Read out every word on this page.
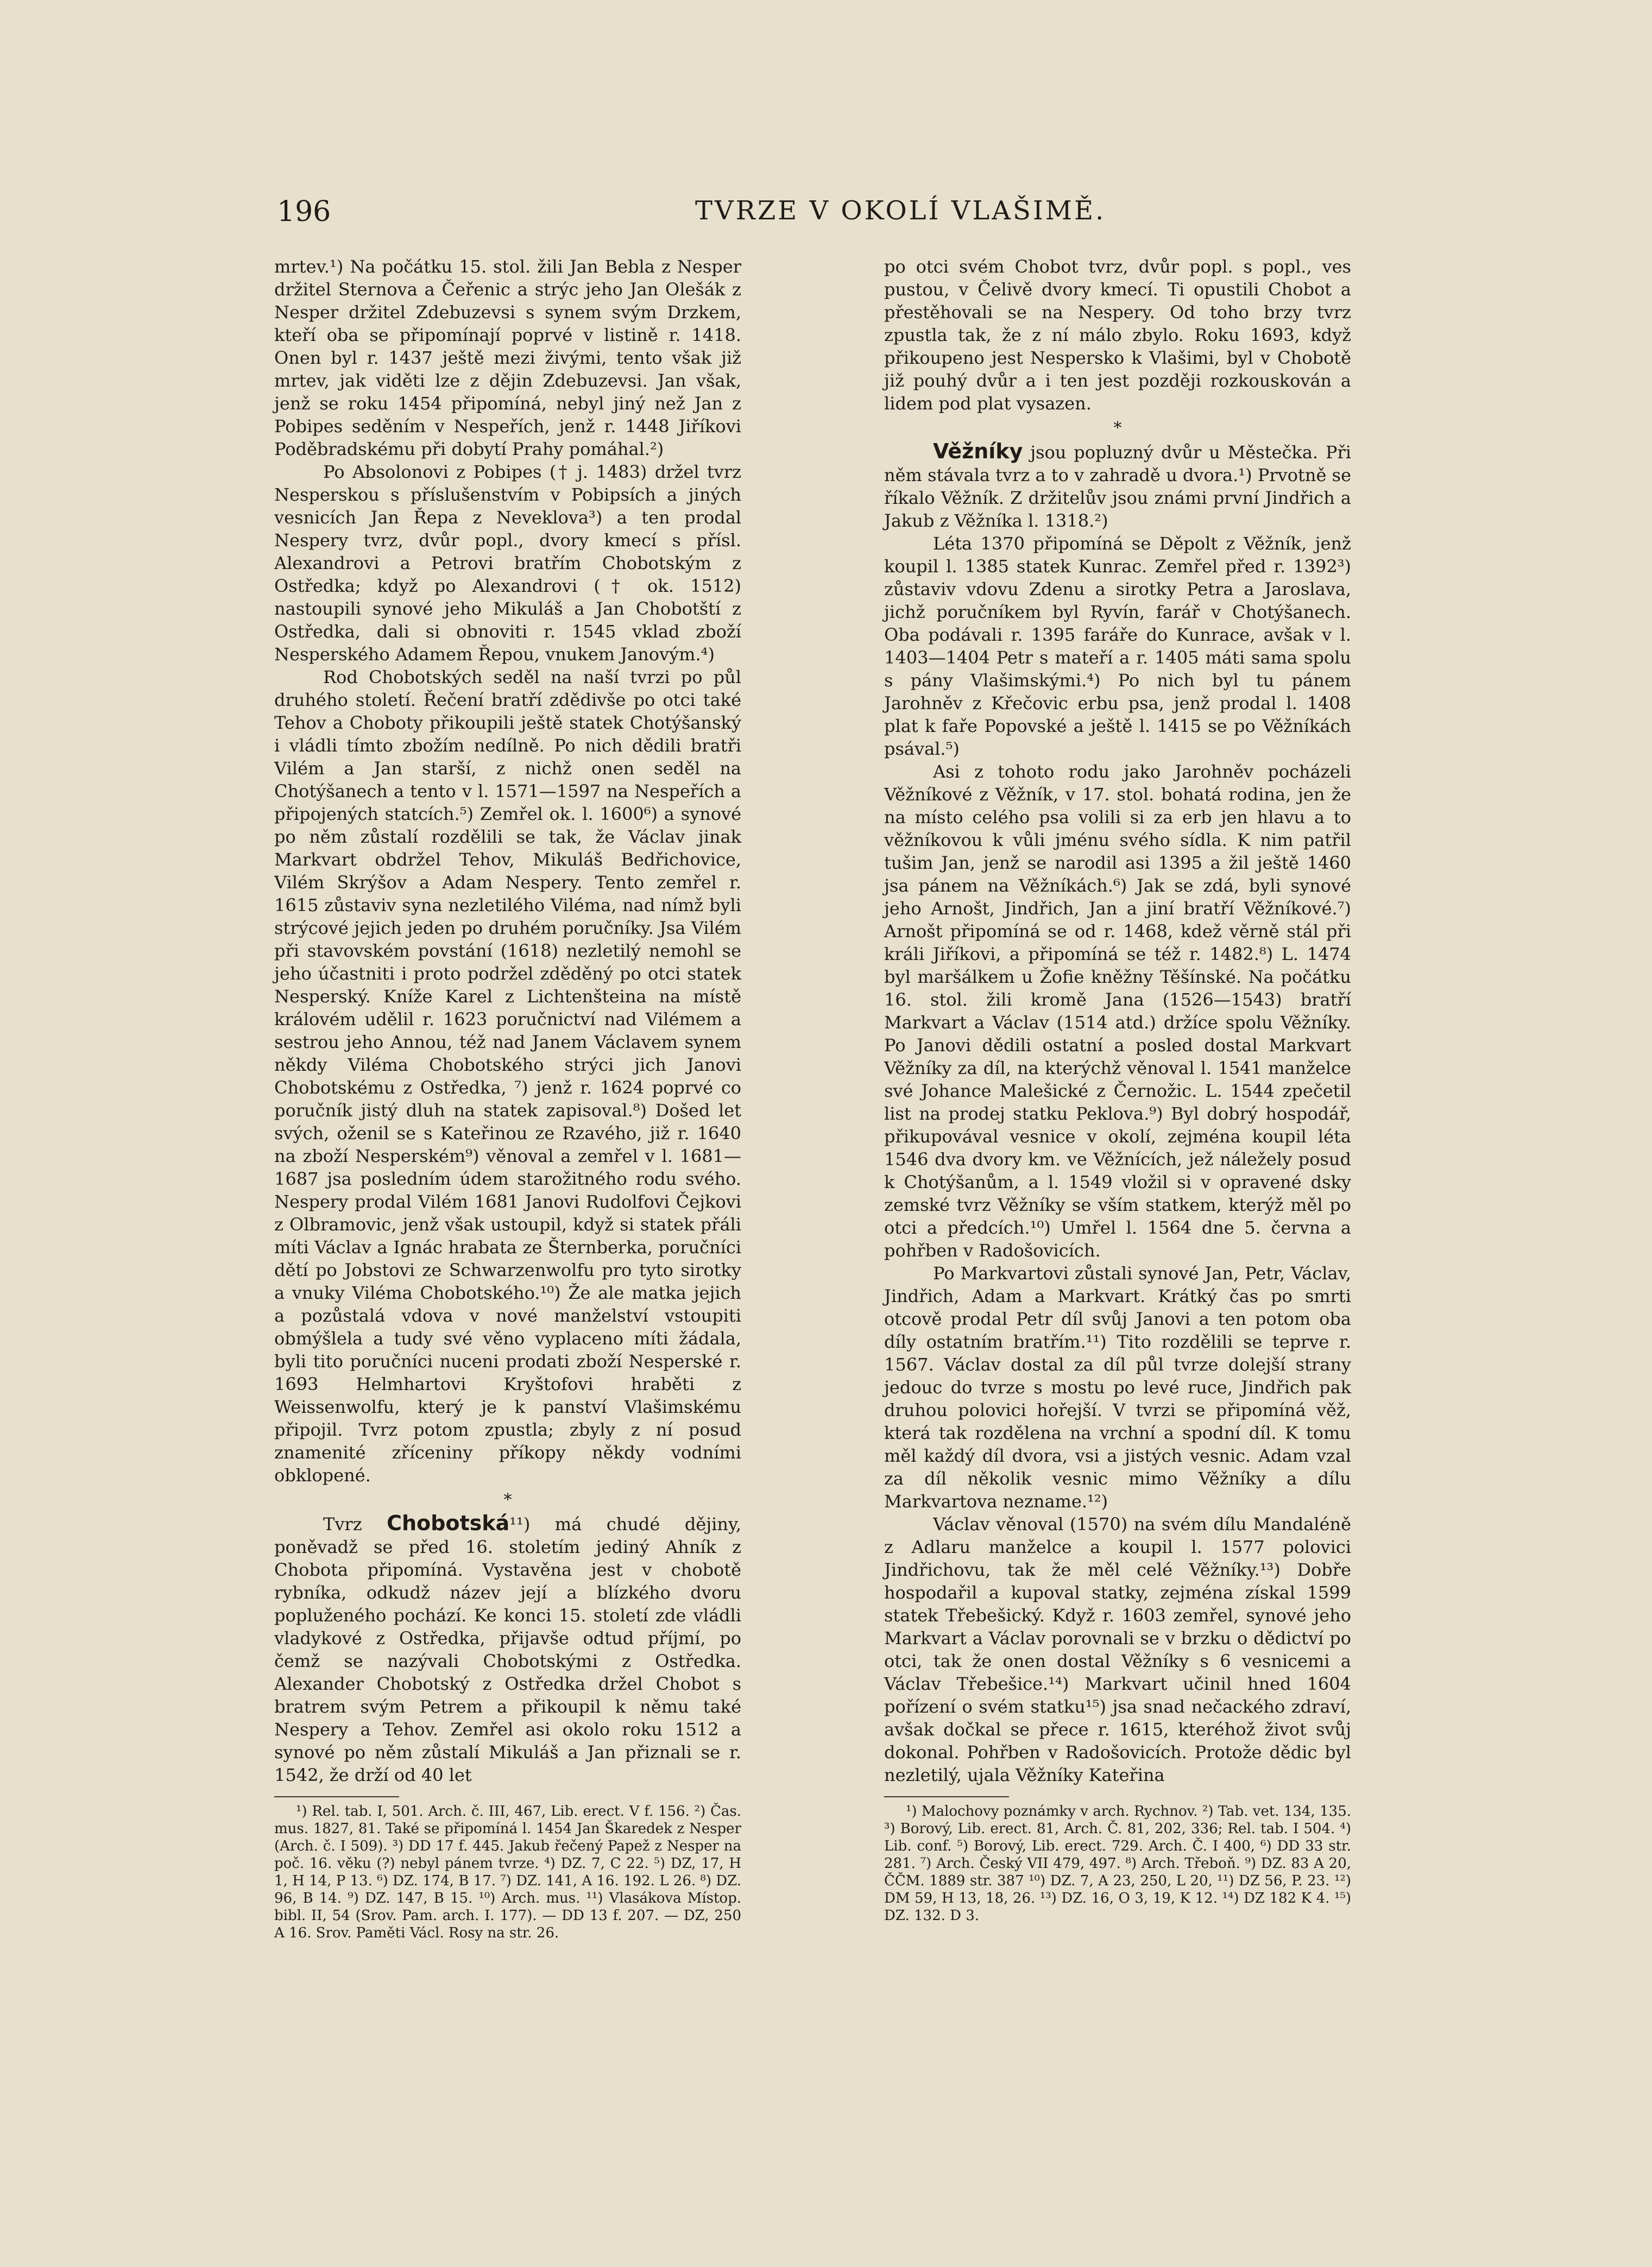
196	TVRZE V OKOLÍ VLAŠIMĚ.

mrtev.¹) Na počátku 15. stol. žili Jan Bebla z Nesper držitel Sternova a Čeřenic a strýc jeho Jan Olešák z Nesper držitel Zdebuzevsi s synem svým Drzkem, kteří oba se připomínají poprvé v listině r. 1418. Onen byl r. 1437 ještě mezi živými, tento však již mrtev, jak viděti lze z dějin Zdebuzevsi. Jan však, jenž se roku 1454 připomíná, nebyl jiný než Jan z Pobipes seděním v Nespeřích, jenž r. 1448 Jiříkovi Poděbradskému při dobytí Prahy pomáhal.²)

Po Absolonovi z Pobipes († j. 1483) držel tvrz Nesperskou s příslušenstvím v Pobipsích a jiných vesnicích Jan Řepa z Neveklova³) a ten prodal Nespery tvrz, dvůr popl., dvory kmecí s přísl. Alexandrovi a Petrovi bratřím Chobotským z Ostředka; když po Alexandrovi († ok. 1512) nastoupili synové jeho Mikuláš a Jan Chobotští z Ostředka, dali si obnoviti r. 1545 vklad zboží Nesperského Adamem Řepou, vnukem Janovým.⁴)

Rod Chobotských seděl na naší tvrzi po půl druhého století. Řečení bratří zdědivše po otci také Tehov a Choboty přikoupili ještě statek Chotýšanský i vládli tímto zbožím nedílně. Po nich dědili bratři Vilém a Jan starší, z nichž onen seděl na Chotýšanech a tento v l. 1571—1597 na Nespeřích a připojených statcích.⁵) Zemřel ok. l. 1600⁶) a synové po něm zůstalí rozdělili se tak, že Václav jinak Markvart obdržel Tehov, Mikuláš Bedřichovice, Vilém Skrýšov a Adam Nespery. Tento zemřel r. 1615 zůstaviv syna nezletilého Viléma, nad nímž byli strýcové jejich jeden po druhém poručníky. Jsa Vilém při stavovském povstání (1618) nezletilý nemohl se jeho účastniti i proto podržel zděděný po otci statek Nesperský. Kníže Karel z Lichtenšteina na místě královém udělil r. 1623 poručnictví nad Vilémem a sestrou jeho Annou, též nad Janem Václavem synem někdy Viléma Chobotského strýci jich Janovi Chobotskému z Ostředka, ⁷) jenž r. 1624 poprvé co poručník jistý dluh na statek zapisoval.⁸) Došed let svých, oženil se s Kateřinou ze Rzavého, již r. 1640 na zboží Nesperském⁹) věnoval a zemřel v l. 1681—1687 jsa posledním údem starožitného rodu svého. Nespery prodal Vilém 1681 Janovi Rudolfovi Čejkovi z Olbramovic, jenž však ustoupil, když si statek přáli míti Václav a Ignác hrabata ze Šternberka, poručníci dětí po Jobstovi ze Schwarzenwolfu pro tyto sirotky a vnuky Viléma Chobotského.¹⁰) Že ale matka jejich a pozůstalá vdova v nové manželství vstoupiti obmýšlela a tudy své věno vyplaceno míti žádala, byli tito poručníci nuceni prodati zboží Nesperské r. 1693 Helmhartovi Kryštofovi hraběti z Weissenwolfu, který je k panství Vlašimskému připojil. Tvrz potom zpustla; zbyly z ní posud znamenité zříceniny příkopy někdy vodními obklopené.

*

Tvrz Chobotská¹¹) má chudé dějiny, poněvadž se před 16. stoletím jediný Ahník z Chobota připomíná. Vystavěna jest v chobotě rybníka, odkudž název její a blízkého dvoru popluženého pochází. Ke konci 15. století zde vládli vladykové z Ostředka, přijavše odtud příjmí, po čemž se nazývali Chobotskými z Ostředka. Alexander Chobotský z Ostředka držel Chobot s bratrem svým Petrem a přikoupil k němu také Nespery a Tehov. Zemřel asi okolo roku 1512 a synové po něm zůstalí Mikuláš a Jan přiznali se r. 1542, že drží od 40 let

¹) Rel. tab. I, 501. Arch. č. III, 467, Lib. erect. V f. 156. ²) Čas. mus. 1827, 81. Také se připomíná l. 1454 Jan Škaredek z Nesper (Arch. č. I 509). ³) DD 17 f. 445. Jakub řečený Papež z Nesper na poč. 16. věku (?) nebyl pánem tvrze. ⁴) DZ. 7, C 22. ⁵) DZ, 17, H 1, H 14, P 13. ⁶) DZ. 174, B 17. ⁷) DZ. 141, A 16. 192. L 26. ⁸) DZ. 96, B 14. ⁹) DZ. 147, B 15. ¹⁰) Arch. mus. ¹¹) Vlasákova Místop. bibl. II, 54 (Srov. Pam. arch. I. 177). — DD 13 f. 207. — DZ, 250 A 16. Srov. Paměti Václ. Rosy na str. 26.

po otci svém Chobot tvrz, dvůr popl. s popl., ves pustou, v Čelivě dvory kmecí. Ti opustili Chobot a přestěhovali se na Nespery. Od toho brzy tvrz zpustla tak, že z ní málo zbylo. Roku 1693, když přikoupeno jest Nespersko k Vlašimi, byl v Chobotě již pouhý dvůr a i ten jest později rozkouskován a lidem pod plat vysazen.

*

Věžníky jsou popluzný dvůr u Městečka. Při něm stávala tvrz a to v zahradě u dvora.¹) Prvotně se říkalo Věžník. Z držitelův jsou známi první Jindřich a Jakub z Věžníka l. 1318.²)

Léta 1370 připomíná se Děpolt z Věžník, jenž koupil l. 1385 statek Kunrac. Zemřel před r. 1392³) zůstaviv vdovu Zdenu a sirotky Petra a Jaroslava, jichž poručníkem byl Ryvín, farář v Chotýšanech. Oba podávali r. 1395 faráře do Kunrace, avšak v l. 1403—1404 Petr s mateří a r. 1405 máti sama spolu s pány Vlašimskými.⁴) Po nich byl tu pánem Jarohněv z Křečovic erbu psa, jenž prodal l. 1408 plat k faře Popovské a ještě l. 1415 se po Věžníkách psával.⁵)

Asi z tohoto rodu jako Jarohněv pocházeli Věžníkové z Věžník, v 17. stol. bohatá rodina, jen že na místo celého psa volili si za erb jen hlavu a to věžníkovou k vůli jménu svého sídla. K nim patřil tušim Jan, jenž se narodil asi 1395 a žil ještě 1460 jsa pánem na Věžníkách.⁶) Jak se zdá, byli synové jeho Arnošt, Jindřich, Jan a jiní bratří Věžníkové.⁷) Arnošt připomíná se od r. 1468, kdež věrně stál při králi Jiříkovi, a připomíná se též r. 1482.⁸) L. 1474 byl maršálkem u Žofie kněžny Těšínské. Na počátku 16. stol. žili kromě Jana (1526—1543) bratří Markvart a Václav (1514 atd.) držíce spolu Věžníky. Po Janovi dědili ostatní a posled dostal Markvart Věžníky za díl, na kterýchž věnoval l. 1541 manželce své Johance Malešické z Černožic. L. 1544 zpečetil list na prodej statku Peklova.⁹) Byl dobrý hospodář, přikupovával vesnice v okolí, zejména koupil léta 1546 dva dvory km. ve Věžnících, jež náležely posud k Chotýšanům, a l. 1549 vložil si v opravené dsky zemské tvrz Věžníky se vším statkem, kterýž měl po otci a předcích.¹⁰) Umřel l. 1564 dne 5. června a pohřben v Radošovicích.

Po Markvartovi zůstali synové Jan, Petr, Václav, Jindřich, Adam a Markvart. Krátký čas po smrti otcově prodal Petr díl svůj Janovi a ten potom oba díly ostatním bratřím.¹¹) Tito rozdělili se teprve r. 1567. Václav dostal za díl půl tvrze dolejší strany jedouc do tvrze s mostu po levé ruce, Jindřich pak druhou polovici hořejší. V tvrzi se připomíná věž, která tak rozdělena na vrchní a spodní díl. K tomu měl každý díl dvora, vsi a jistých vesnic. Adam vzal za díl několik vesnic mimo Věžníky a dílu Markvartova nezname.¹²)

Václav věnoval (1570) na svém dílu Mandaléně z Adlaru manželce a koupil l. 1577 polovici Jindřichovu, tak že měl celé Věžníky.¹³) Dobře hospodařil a kupoval statky, zejména získal 1599 statek Třebešický. Když r. 1603 zemřel, synové jeho Markvart a Václav porovnali se v brzku o dědictví po otci, tak že onen dostal Věžníky s 6 vesnicemi a Václav Třebešice.¹⁴) Markvart učinil hned 1604 pořízení o svém statku¹⁵) jsa snad nečackého zdraví, avšak dočkal se přece r. 1615, kteréhož život svůj dokonal. Pohřben v Radošovicích. Protože dědic byl nezletilý, ujala Věžníky Kateřina

¹) Malochovy poznámky v arch. Rychnov. ²) Tab. vet. 134, 135. ³) Borový, Lib. erect. 81, Arch. Č. 81, 202, 336; Rel. tab. I 504. ⁴) Lib. conf. ⁵) Borový, Lib. erect. 729. Arch. Č. I 400, ⁶) DD 33 str. 281. ⁷) Arch. Český VII 479, 497. ⁸) Arch. Třeboň. ⁹) DZ. 83 A 20, ČČM. 1889 str. 387 ¹⁰) DZ. 7, A 23, 250, L 20, ¹¹) DZ 56, P. 23. ¹²) DM 59, H 13, 18, 26. ¹³) DZ. 16, O 3, 19, K 12. ¹⁴) DZ 182 K 4. ¹⁵) DZ. 132. D 3.
